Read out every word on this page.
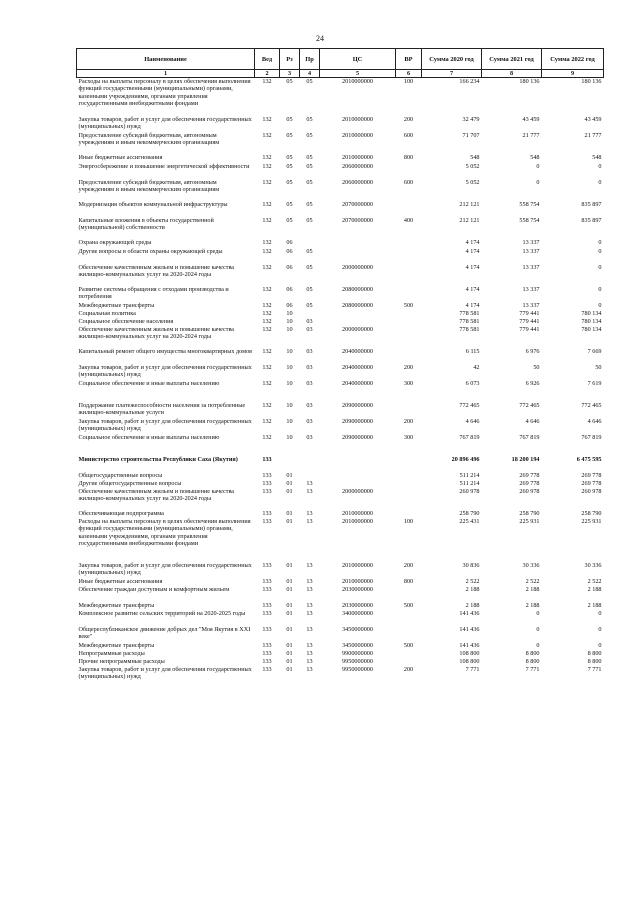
24
Наименование	Вед	Рз	Пр	ЦС	ВР	Сумма 2020 год	Сумма 2021 год	Сумма 2022 год
1	2	3	4	5	6	7	8	9
Расходы на выплаты персоналу в целях обеспечения выполнения функций государственными (муниципальными) органами, казенными учреждениями, органами управления государственными внебюджетными фондами	132	05	05	2010000000	100	166 234	180 136	180 136
Закупка товаров, работ и услуг для обеспечения государственных (муниципальных) нужд	132	05	05	2010000000	200	32 479	43 459	43 459
Предоставление субсидий бюджетным, автономным учреждениям и иным некоммерческим организациям	132	05	05	2010000000	600	71 707	21 777	21 777
Иные бюджетные ассигнования	132	05	05	2010000000	800	548	548	548
Энергосбережение и повышение энергетической эффективности	132	05	05	2060000000		5 052	0	0
Предоставление субсидий бюджетным, автономным учреждениям и иным некоммерческим организациям	132	05	05	2060000000	600	5 052	0	0
Модернизация объектов коммунальной инфраструктуры	132	05	05	2070000000		212 121	558 754	835 897
Капитальные вложения в объекты государственной (муниципальной) собственности	132	05	05	2070000000	400	212 121	558 754	835 897
Охрана окружающей среды	132	06				4 174	13 337	0
Другие вопросы в области охраны окружающей среды	132	06	05			4 174	13 337	0
Обеспечение качественным жильем и повышение качества жилищно-коммунальных услуг на 2020-2024 годы	132	06	05	2000000000		4 174	13 337	0
Развитие системы обращения с отходами производства и потребления	132	06	05	2080000000		4 174	13 337	0
Межбюджетные трансферты	132	06	05	2080000000	500	4 174	13 337	0
Социальная политика	132	10				778 581	779 441	780 134
Социальное обеспечение населения	132	10	03			778 581	779 441	780 134
Обеспечение качественным жильем и повышение качества жилищно-коммунальных услуг на 2020-2024 годы	132	10	03	2000000000		778 581	779 441	780 134
Капитальный ремонт общего имущества многоквартирных домов	132	10	03	2040000000		6 115	6 976	7 669
Закупка товаров, работ и услуг для обеспечения государственных (муниципальных) нужд	132	10	03	2040000000	200	42	50	50
Социальное обеспечение и иные выплаты населению	132	10	03	2040000000	300	6 073	6 926	7 619
Поддержание платежеспособности населения за потребленные жилищно-коммунальные услуги	132	10	03	2090000000		772 465	772 465	772 465
Закупка товаров, работ и услуг для обеспечения государственных (муниципальных) нужд	132	10	03	2090000000	200	4 646	4 646	4 646
Социальное обеспечение и иные выплаты населению	132	10	03	2090000000	300	767 819	767 819	767 819
Министерство строительства Республики Саха (Якутия)	133					20 896 496	18 200 194	6 475 595
Общегосударственные вопросы	133	01				511 214	269 778	269 778
Другие общегосударственные вопросы	133	01	13			511 214	269 778	269 778
Обеспечение качественным жильем и повышение качества жилищно-коммунальных услуг на 2020-2024 годы	133	01	13	2000000000		260 978	260 978	260 978
Обеспечивающая подпрограмма	133	01	13	2010000000		258 790	258 790	258 790
Расходы на выплаты персоналу в целях обеспечения выполнения функций государственными (муниципальными) органами, казенными учреждениями, органами управления государственными внебюджетными фондами	133	01	13	2010000000	100	225 431	225 931	225 931
Закупка товаров, работ и услуг для обеспечения государственных (муниципальных) нужд	133	01	13	2010000000	200	30 836	30 336	30 336
Иные бюджетные ассигнования	133	01	13	2010000000	800	2 522	2 522	2 522
Обеспечение граждан доступным и комфортным жильем	133	01	13	2030000000		2 188	2 188	2 188
Межбюджетные трансферты	133	01	13	2030000000	500	2 188	2 188	2 188
Комплексное развитие сельских территорий на 2020-2025 годы	133	01	13	3400000000		141 436	0	0
Общереспубликанское движение добрых дел "Моя Якутия в XXI веке"	133	01	13	3450000000		141 436	0	0
Межбюджетные трансферты	133	01	13	3450000000	500	141 436	0	0
Непрограммные расходы	133	01	13	9900000000		108 800	8 800	8 800
Прочие непрограммные расходы	133	01	13	9950000000		108 800	8 800	8 800
Закупка товаров, работ и услуг для обеспечения государственных (муниципальных) нужд	133	01	13	9950000000	200	7 771	7 771	7 771
